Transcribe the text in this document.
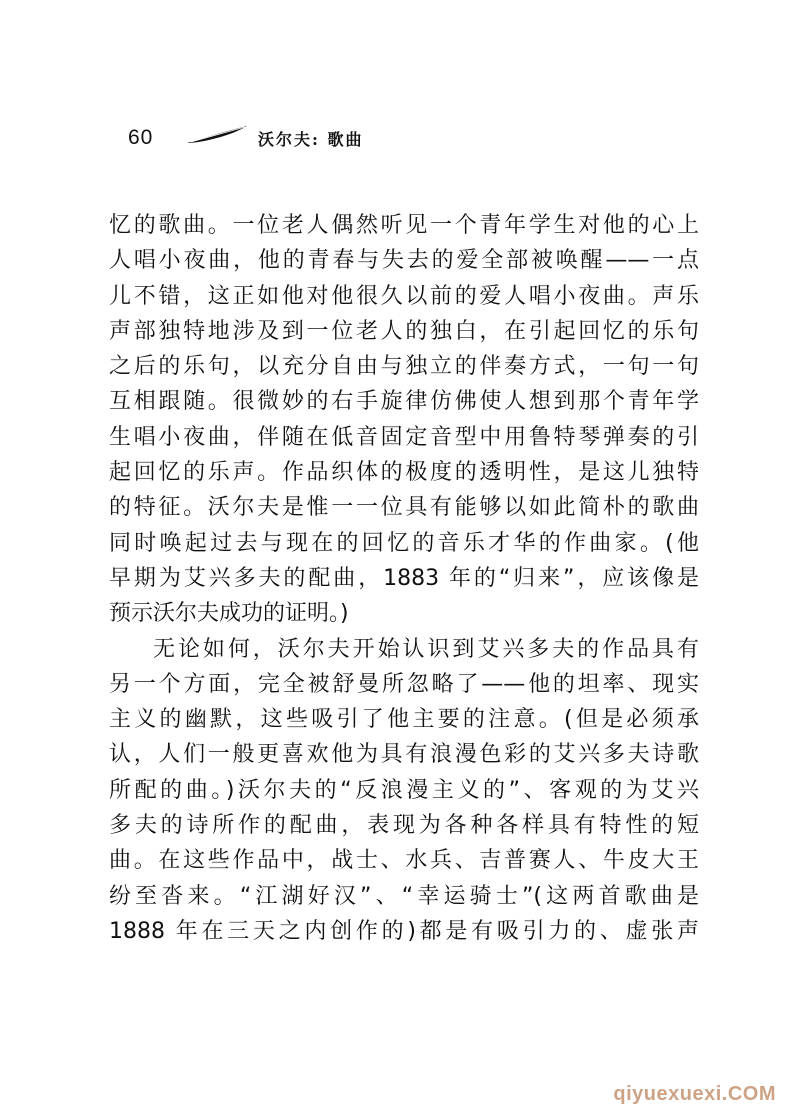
60	沃尔夫: 歌曲
忆的歌曲。一位老人偶然听见一个青年学生对他的心上
人唱小夜曲，他的青春与失去的爱全部被唤醒——一点
儿不错，这正如他对他很久以前的爱人唱小夜曲。声乐
声部独特地涉及到一位老人的独白，在引起回忆的乐句
之后的乐句，以充分自由与独立的伴奏方式，一句一句
互相跟随。很微妙的右手旋律仿佛使人想到那个青年学
生唱小夜曲，伴随在低音固定音型中用鲁特琴弹奏的引
起回忆的乐声。作品织体的极度的透明性，是这儿独特
的特征。沃尔夫是惟一一位具有能够以如此简朴的歌曲
同时唤起过去与现在的回忆的音乐才华的作曲家。(他
早期为艾兴多夫的配曲，1883 年的“归来”，应该像是
预示沃尔夫成功的证明。)
无论如何，沃尔夫开始认识到艾兴多夫的作品具有
另一个方面，完全被舒曼所忽略了——他的坦率、现实
主义的幽默，这些吸引了他主要的注意。(但是必须承
认，人们一般更喜欢他为具有浪漫色彩的艾兴多夫诗歌
所配的曲。)沃尔夫的“反浪漫主义的”、客观的为艾兴
多夫的诗所作的配曲，表现为各种各样具有特性的短
曲。在这些作品中，战士、水兵、吉普赛人、牛皮大王
纷至沓来。“江湖好汉”、“幸运骑士”(这两首歌曲是
1888 年在三天之内创作的)都是有吸引力的、虚张声
qiyuexuexi.COM
